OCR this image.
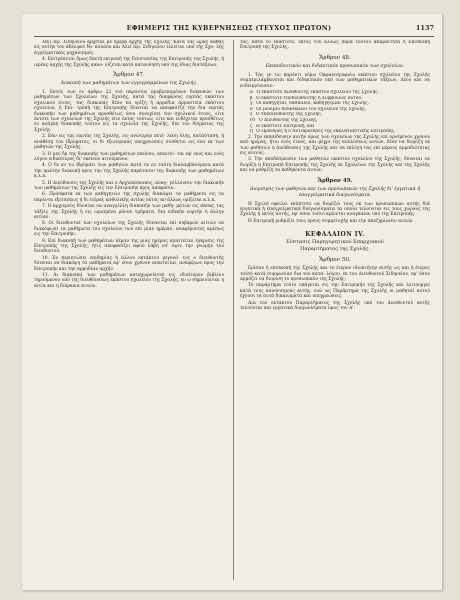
ΕΦΗΜΕΡΙΣ ΤΗΣ ΚΥΒΕΡΝΗΣΕΩΣ (ΤΕΥΧΟΣ ΠΡΩΤΟΝ)	1137

λέξι Ιερ. Σιδηνείου ἄρχεται με ήμέρα άρχής τής Σχολής. Κατά τάς ώρας καθάς είς αυτήν του άδελφού Νι- κολάου και Αλιέ Ιερ. Σιδηνείου τελείται υπό τής Σχο- λής άγγελματικός μηχανισμός.

4. Επιτρέπεται ὅμως δεκτή εκτροπή της Επιστασίας της Επιτροπής της Σχολής, ή ιερέας αρχής της Σχολής κανο- νίζεται κατά κατανόηση υπό της ίδιας διατάξεων.

Ἄρθρον 47.
Διακοπή των μαθημάτων των εγγεγραμμένων της Σχολής.

1. Εκτός των εν άρθρω 22 τού παρόντος προβλεπομένων διακοπών των μαθημάτων των Σχολείων της Σχολής, κατά τας διαφόρους εορτάς εκάστου σχολικού έτους, τας διακοπάς δέον να ορίζη ή αρμόδια άρμοστεία εκάστου σχολείου, ή Επι- τροπή της Επιτροπής δύναται να αποφασίζη την δια εορτάς διακοπήν των μαθημάτων προσθέτως όσοι συνεχίσει του σχολικού έτους, είτε έκτοτε των σχολείων της Σχολής είτε έκτος τούτων, είτε και ενδέχεται προσθέτως εν ανάγκη διακοπής τούτου εις τα σχολεία της Σχολής, δια του δόγματος της Σχολής.

2. Εάν εις τας εορτάς της Σχολής, εις ανώτερην εκτέ- λεση ύλης, κατάσταση, ή αναθέση του Ιδρύματος, οι δι εξωτερικάς υποχρεώσεις σύνθετοι εις ένα εκ των μαθητών της Σχολής.

3. Ο μεν δρ της διακοπής των μαθημάτων εκείνου, απαιτεί- ται εφ' ενός και ενός λόγου ειδικότερος δι' εκείνον αιτούμενον.

4. Ο δε εν τω Ιδρύματι των μαθητών κατά τα εν ταύτη διαλαμβανόμενα κατά την πρώτην διακοπή προς την της Σχολής παράτασιν της διακοπής των μαθημάτων κ.λ.π.

5. Η Διεύθυνσις της Σχολής και ο Αρχιεπίσκοπος, αναγ- γέλλουσιν την διακοπήν των μαθημάτων της Σχολής εις την Επιτροπήν προς απόφασιν.

6. Πρόσφατα εκ των καθηγητών της σχολής διακόψει τα μαθήματα εις τα παρόντα εξετάσεως ή δι ετέρας καθολικής αιτίας εκτός αν άλλως ορίζεται κ.λ.π.

7. Ο αρχιερεύς δύναται να αναγγέλλη διακοπήν των μαθη- μάτων εις πάσας τας τάξεις της Σχολής ή εις ωρισμένα μόνον τμήματα, δια ειδικήν εορτήν ή άλλην αιτίαν.

8. Οι διευθυνταί των σχολείων της Σχολής δύνανται επί σοβαρών αιτιών να διακόψωσι τα μαθήματα του σχολείου των επί μίαν ημέραν, αναφέροντες αμέσως εις την Επιτροπήν.

9. Επί διακοπή των μαθημάτων πέραν της μιας ημέρας απαιτείται έγκρισις της Επιτροπής της Σχολής, ήτις αποφασίζει αφού λάβη υπ' όψιν την γνώμην του διευθυντού.

10. Εν περιπτώσει επιδημίας ή άλλου εκτάκτου γεγονό- τος ο διευθυντής δύναται να διακόψη τα μαθήματα εφ' όσον χρόνον απαιτείται, αναφέρων προς την Επιτροπήν και την αρμοδίαν αρχήν.

11. Αι διακοπαί των μαθημάτων καταχωρούνται εις ιδιαίτερον βιβλίον τηρούμενον υπό της διευθύνσεως εκάστου σχολείου της Σχολής, εν ω σημειούνται η αιτία και η διάρκεια αυτών.

τας, κατά το εκάστοτε, εκτός του άλλως παρά τούτου απαραίτητα η Επισκοπή Επιτροπή της Σχολής.

Ἄρθρον 48.
Εκπαιδευτικόν και διδακτικόν προσωπικόν των σχολείων.

1. Τας εν τω παρόντι νόμω Ορφανοτροφείω εκάστου σχολείου της Σχολής συμπεριλαμβάνεται και διδακτικόν υπό των μαθηματικών τάξεων. Δέον και να ενδεικνύουσιν:

α΄ Ο εκάστοτε Διευθυντής εκάστου σχολείου της Σχολής.

β΄ Ο εκάστοτε Υποδιευθυντής ή Σύμβουλος αυτού.

γ΄ Οι καθηγηταί, δάσκαλοι, καθηγήτριαι της Σχολής.

δ΄ Οι μόνιμοι διδάσκαλοι του σχολείου της Σχολής.

ε΄ Ο Υποδιευθυντής της Σχολής.

στ΄ Ο Διευθυντής της Σχολής.

ζ΄ Η εκάστοτε Επιτροπή, και

η΄ Ο Πρόεδρος ή ο Αντιπρόεδρος της εκκλησιαστικής Επιτροπής.

2. Την εκπαίδευσιν αυτήν όμως των σχολείων της Σχολής επί ορισμένον χρόνον από ημέρας, ήτοι ενός έτους, και μέχρι της απολύσεως αυτών, δέον να διορίζη εκ των μαθητών η Διεύθυνσις της Σχολής και να εκλέγη τας επί μέρους αρμοδιότητας εις αυτούς.

3. Την αποδέσμευσιν των μαθητών εκάστου σχολείου της Σχολής, δύναται να διορίζη η Επιτροπή Επιτροπής της Σχολής εκ Σχολείων της Σχολής και της Σχολής και να ρυθμίζη τα καθήκοντα αυτών.

Ἄρθρον 49.
Διορισμός των μαθητών και των προσωπικών της Σχολής δι' έργατικά ή επαγγελματικά διαγωνίσματα.

Η Σχολή οφείλει εκάστοτε να διορίζει τους εκ των προσωπικών αυτής διά εργατικά ή επαγγελματικά διαγωνίσματα τα οποία τελούνται εις τους χώρους της Σχολής ή εκτός αυτής, εφ' όσον τούτο κρίνεται αναγκαίον υπό της Επιτροπής.

Η Επιτροπή ρυθμίζει τους όρους συμμετοχής και την αποζημίωσιν αυτών.

ΚΕΦΑΛΑΙΟΝ IV.
Σύστασις Παρηγορητικού Επαρχιακού
Παραρτήματος της Σχολής.
Ἄρθρον 50.

Ερίσαν ή επισκοπή της Σχολής και το έτερον ιδιοκτήτην αυτής ως και ή έτερος τούτο κατά συμφωνίαν δια του κατα- λόγου, εκ του Διευθυντού Σιδηνείου, εφ' όσον αρμόζει να διορίση το προσωπικόν της Σχολής.

Το παράρτημα τούτο υπάγεται εις την Επιτροπήν της Σχολής και λειτουργεί κατά τους κανονισμούς αυτής, ενώ ως Παράρτημα της Σχολής οι μαθηταί αυτού έχουσι τα αυτά δικαιώματα και υποχρεώσεις.

Δια του εκτάκτου Παραρτήματος της Σχολής υπό του Διευθυντού αυτής τελούνται και εργατικά διαγωνίσματα προς τον Α'.
